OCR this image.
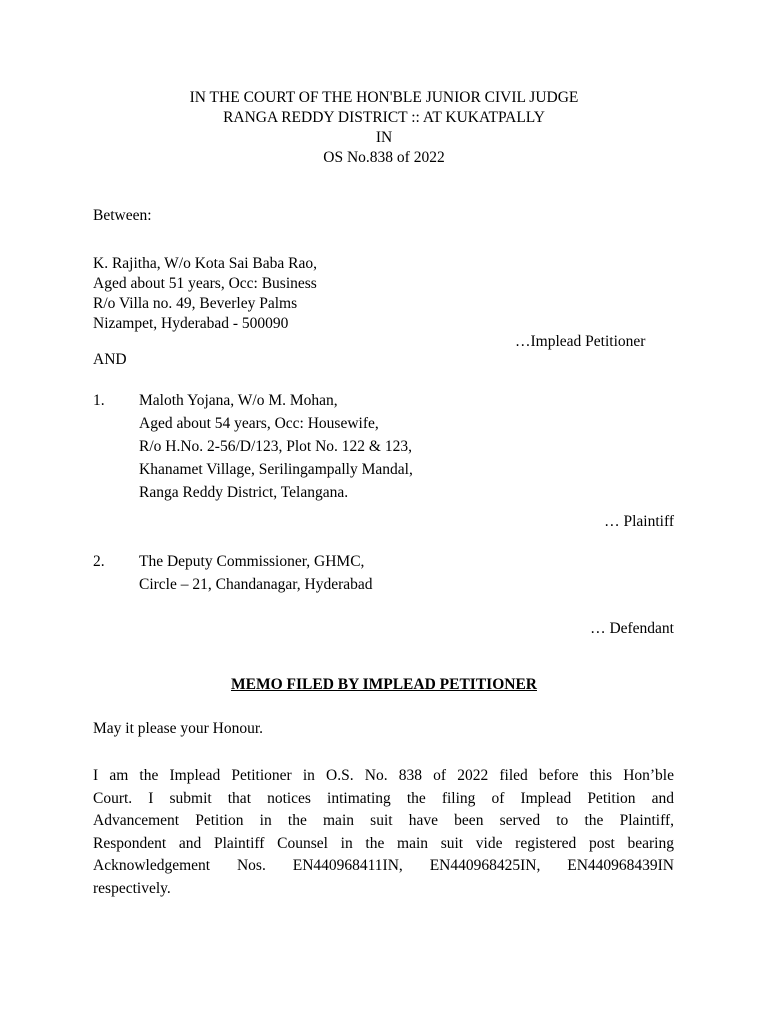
IN THE COURT OF THE HON'BLE JUNIOR CIVIL JUDGE
RANGA REDDY DISTRICT :: AT KUKATPALLY
IN
OS No.838 of 2022
Between:
K. Rajitha, W/o Kota Sai Baba Rao,
Aged about 51 years, Occ: Business
R/o Villa no. 49, Beverley Palms
Nizampet, Hyderabad - 500090
…Implead Petitioner
AND
1. Maloth Yojana, W/o M. Mohan,
Aged about 54 years, Occ: Housewife,
R/o H.No. 2-56/D/123, Plot No. 122 & 123,
Khanamet Village, Serilingampally Mandal,
Ranga Reddy District, Telangana.
… Plaintiff
2. The Deputy Commissioner, GHMC,
Circle – 21, Chandanagar, Hyderabad
… Defendant
MEMO FILED BY IMPLEAD PETITIONER
May it please your Honour.
I am the Implead Petitioner in O.S. No. 838 of 2022 filed before this Hon’ble
Court. I submit that notices intimating the filing of Implead Petition and
Advancement Petition in the main suit have been served to the Plaintiff,
Respondent and Plaintiff Counsel in the main suit vide registered post bearing
Acknowledgement Nos. EN440968411IN, EN440968425IN, EN440968439IN
respectively.
